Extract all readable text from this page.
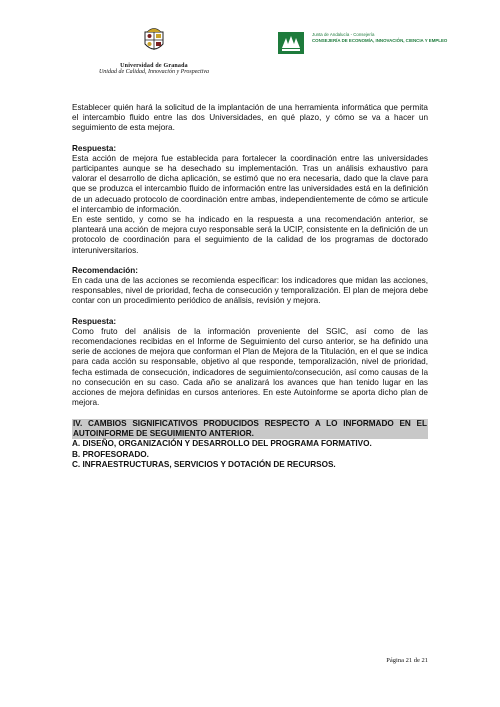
Universidad de Granada
Unidad de Calidad, Innovación y Prospectiva
Junta de Andalucía - Consejería
CONSEJERÍA DE ECONOMÍA, INNOVACIÓN, CIENCIA Y EMPLEO

Establecer quién hará la solicitud de la implantación de una herramienta informática que permita el intercambio fluido entre las dos Universidades, en qué plazo, y cómo se va a hacer un seguimiento de esta mejora.

Respuesta:

Esta acción de mejora fue establecida para fortalecer la coordinación entre las universidades participantes aunque se ha desechado su implementación. Tras un análisis exhaustivo para valorar el desarrollo de dicha aplicación, se estimó que no era necesaria, dado que la clave para que se produzca el intercambio fluido de información entre las universidades está en la definición de un adecuado protocolo de coordinación entre ambas, independientemente de cómo se articule el intercambio de información.

En este sentido, y como se ha indicado en la respuesta a una recomendación anterior, se planteará una acción de mejora cuyo responsable será la UCIP, consistente en la definición de un protocolo de coordinación para el seguimiento de la calidad de los programas de doctorado interuniversitarios.

Recomendación:

En cada una de las acciones se recomienda especificar: los indicadores que midan las acciones, responsables, nivel de prioridad, fecha de consecución y temporalización. El plan de mejora debe contar con un procedimiento periódico de análisis, revisión y mejora.

Respuesta:

Como fruto del análisis de la información proveniente del SGIC, así como de las recomendaciones recibidas en el Informe de Seguimiento del curso anterior, se ha definido una serie de acciones de mejora que conforman el Plan de Mejora de la Titulación, en el que se indica para cada acción su responsable, objetivo al que responde, temporalización, nivel de prioridad, fecha estimada de consecución, indicadores de seguimiento/consecución, así como causas de la no consecución en su caso. Cada año se analizará los avances que han tenido lugar en las acciones de mejora definidas en cursos anteriores. En este Autoinforme se aporta dicho plan de mejora.

IV. CAMBIOS SIGNIFICATIVOS PRODUCIDOS RESPECTO A LO INFORMADO EN EL AUTOINFORME DE SEGUIMIENTO ANTERIOR.

A. DISEÑO, ORGANIZACIÓN Y DESARROLLO DEL PROGRAMA FORMATIVO.

B. PROFESORADO.

C. INFRAESTRUCTURAS, SERVICIOS Y DOTACIÓN DE RECURSOS.

Página 21 de 21
